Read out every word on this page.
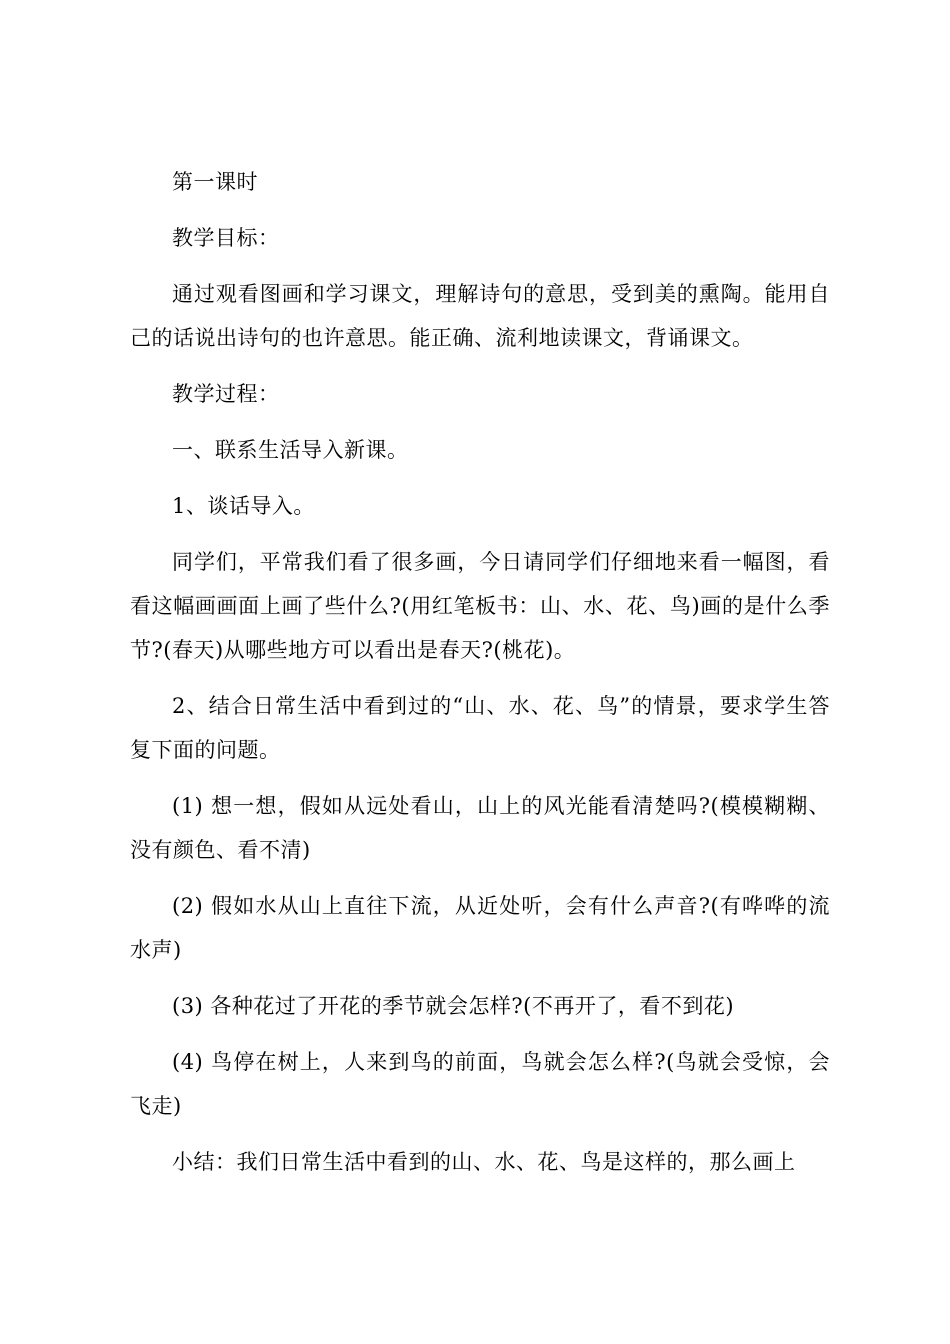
第一课时

教学目标：

通过观看图画和学习课文，理解诗句的意思，受到美的熏陶。能用自己的话说出诗句的也许意思。能正确、流利地读课文，背诵课文。

教学过程：

一、联系生活导入新课。

1、谈话导入。

同学们，平常我们看了很多画，今日请同学们仔细地来看一幅图，看看这幅画画面上画了些什么?(用红笔板书：山、水、花、鸟)画的是什么季节?(春天)从哪些地方可以看出是春天?(桃花)。

2、结合日常生活中看到过的“山、水、花、鸟”的情景，要求学生答复下面的问题。

(1) 想一想，假如从远处看山，山上的风光能看清楚吗?(模模糊糊、没有颜色、看不清)

(2) 假如水从山上直往下流，从近处听，会有什么声音?(有哗哗的流水声)

(3) 各种花过了开花的季节就会怎样?(不再开了，看不到花)

(4) 鸟停在树上，人来到鸟的前面，鸟就会怎么样?(鸟就会受惊，会飞走)

小结：我们日常生活中看到的山、水、花、鸟是这样的，那么画上
